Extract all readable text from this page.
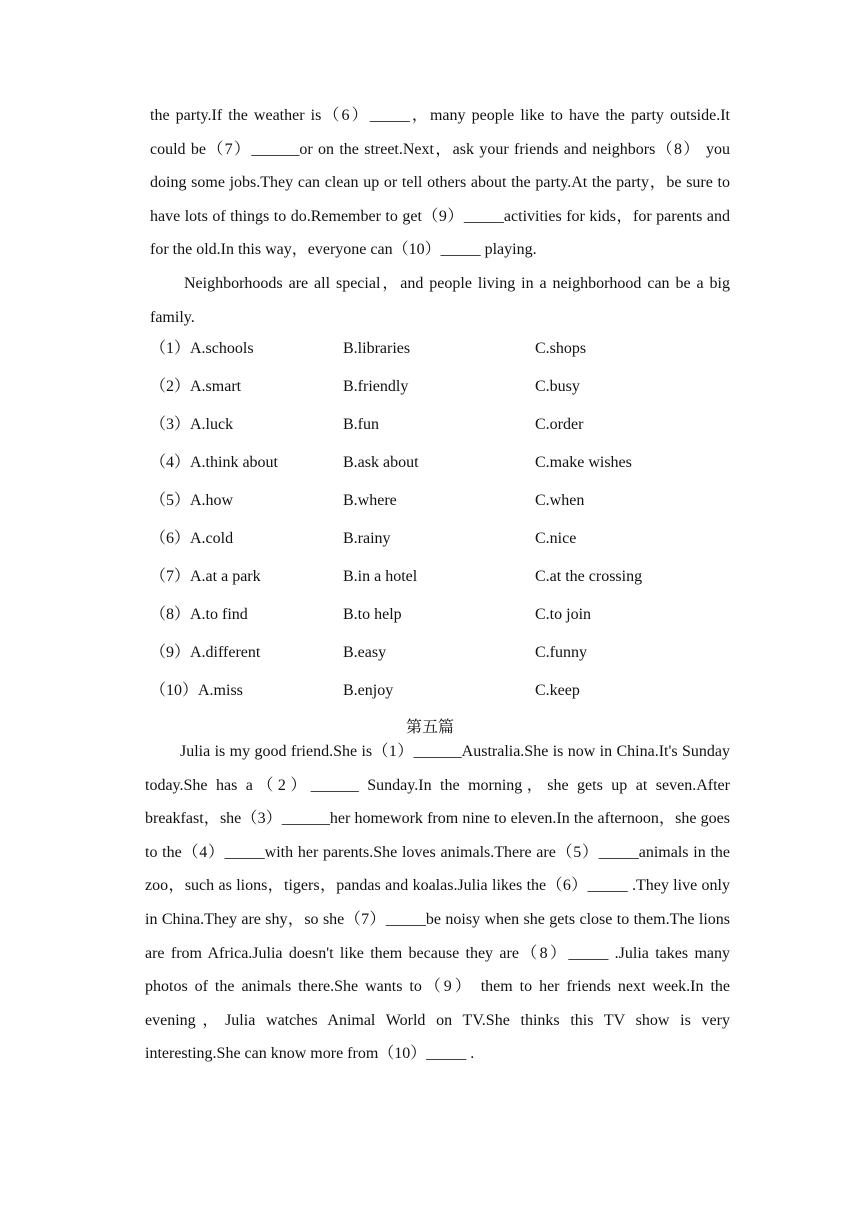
the party.If the weather is（6）_____，many people like to have the party outside.It could be（7）______or on the street.Next，ask your friends and neighbors（8） you doing some jobs.They can clean up or tell others about the party.At the party，be sure to have lots of things to do.Remember to get（9）_____activities for kids，for parents and for the old.In this way，everyone can（10）_____ playing.

Neighborhoods are all special，and people living in a neighborhood can be a big family.

（1）A.schools	B.libraries	C.shops
（2）A.smart	B.friendly	C.busy
（3）A.luck	B.fun	C.order
（4）A.think about	B.ask about	C.make wishes
（5）A.how	B.where	C.when
（6）A.cold	B.rainy	C.nice
（7）A.at a park	B.in a hotel	C.at the crossing
（8）A.to find	B.to help	C.to join
（9）A.different	B.easy	C.funny
（10）A.miss	B.enjoy	C.keep
第五篇

Julia is my good friend.She is（1）______Australia.She is now in China.It's Sunday today.She has a（2）______ Sunday.In the morning，she gets up at seven.After breakfast，she（3）______her homework from nine to eleven.In the afternoon，she goes to the（4）_____with her parents.She loves animals.There are（5）_____animals in the zoo，such as lions，tigers，pandas and koalas.Julia likes the（6）_____ .They live only in China.They are shy，so she（7）_____be noisy when she gets close to them.The lions are from Africa.Julia doesn't like them because they are（8）_____ .Julia takes many photos of the animals there.She wants to（9） them to her friends next week.In the evening，Julia watches Animal World on TV.She thinks this TV show is very interesting.She can know more from（10）_____ .
